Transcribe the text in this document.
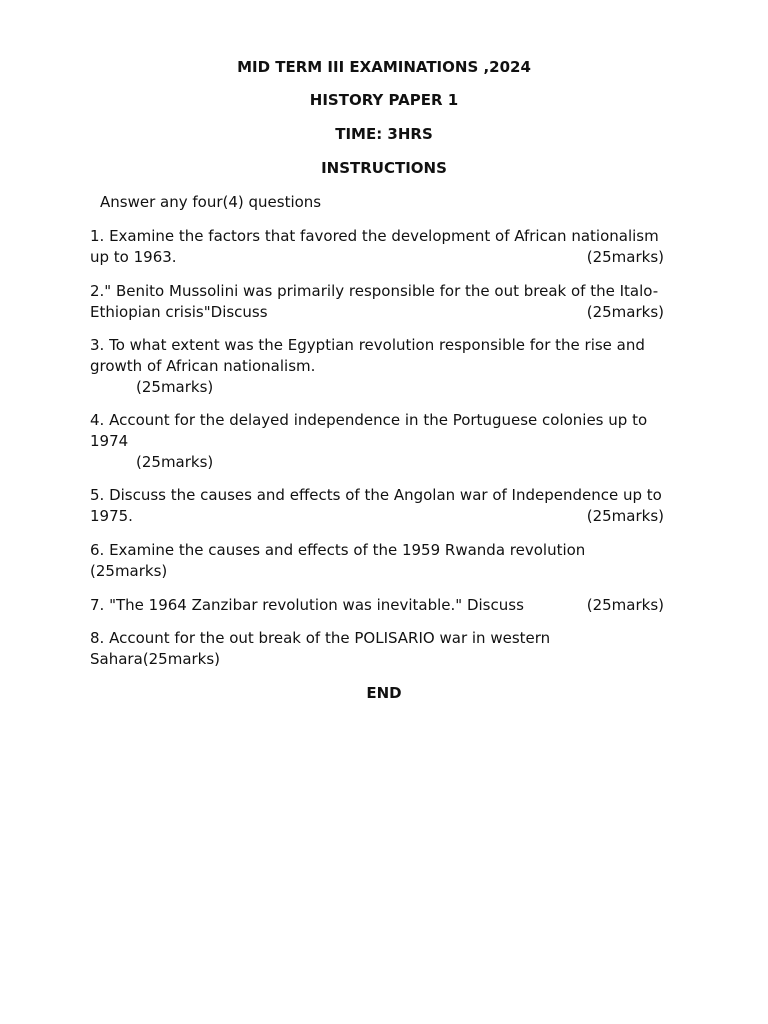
MID TERM III EXAMINATIONS ,2024
HISTORY PAPER 1
TIME: 3HRS
INSTRUCTIONS
Answer any four(4) questions
1. Examine the factors that favored the development of African nationalism
up to 1963.	(25marks)
2." Benito Mussolini was primarily responsible for the out break of the Italo-
Ethiopian crisis"Discuss	(25marks)
3. To what extent was the Egyptian revolution responsible for the rise and
growth of African nationalism.
(25marks)
4. Account for the delayed independence in the Portuguese colonies up to
1974
(25marks)
5. Discuss the causes and effects of the Angolan war of Independence up to
1975.	(25marks)
6. Examine the causes and effects of the 1959 Rwanda revolution
(25marks)
7. "The 1964 Zanzibar revolution was inevitable." Discuss	(25marks)
8. Account for the out break of the POLISARIO war in western
Sahara(25marks)
END
